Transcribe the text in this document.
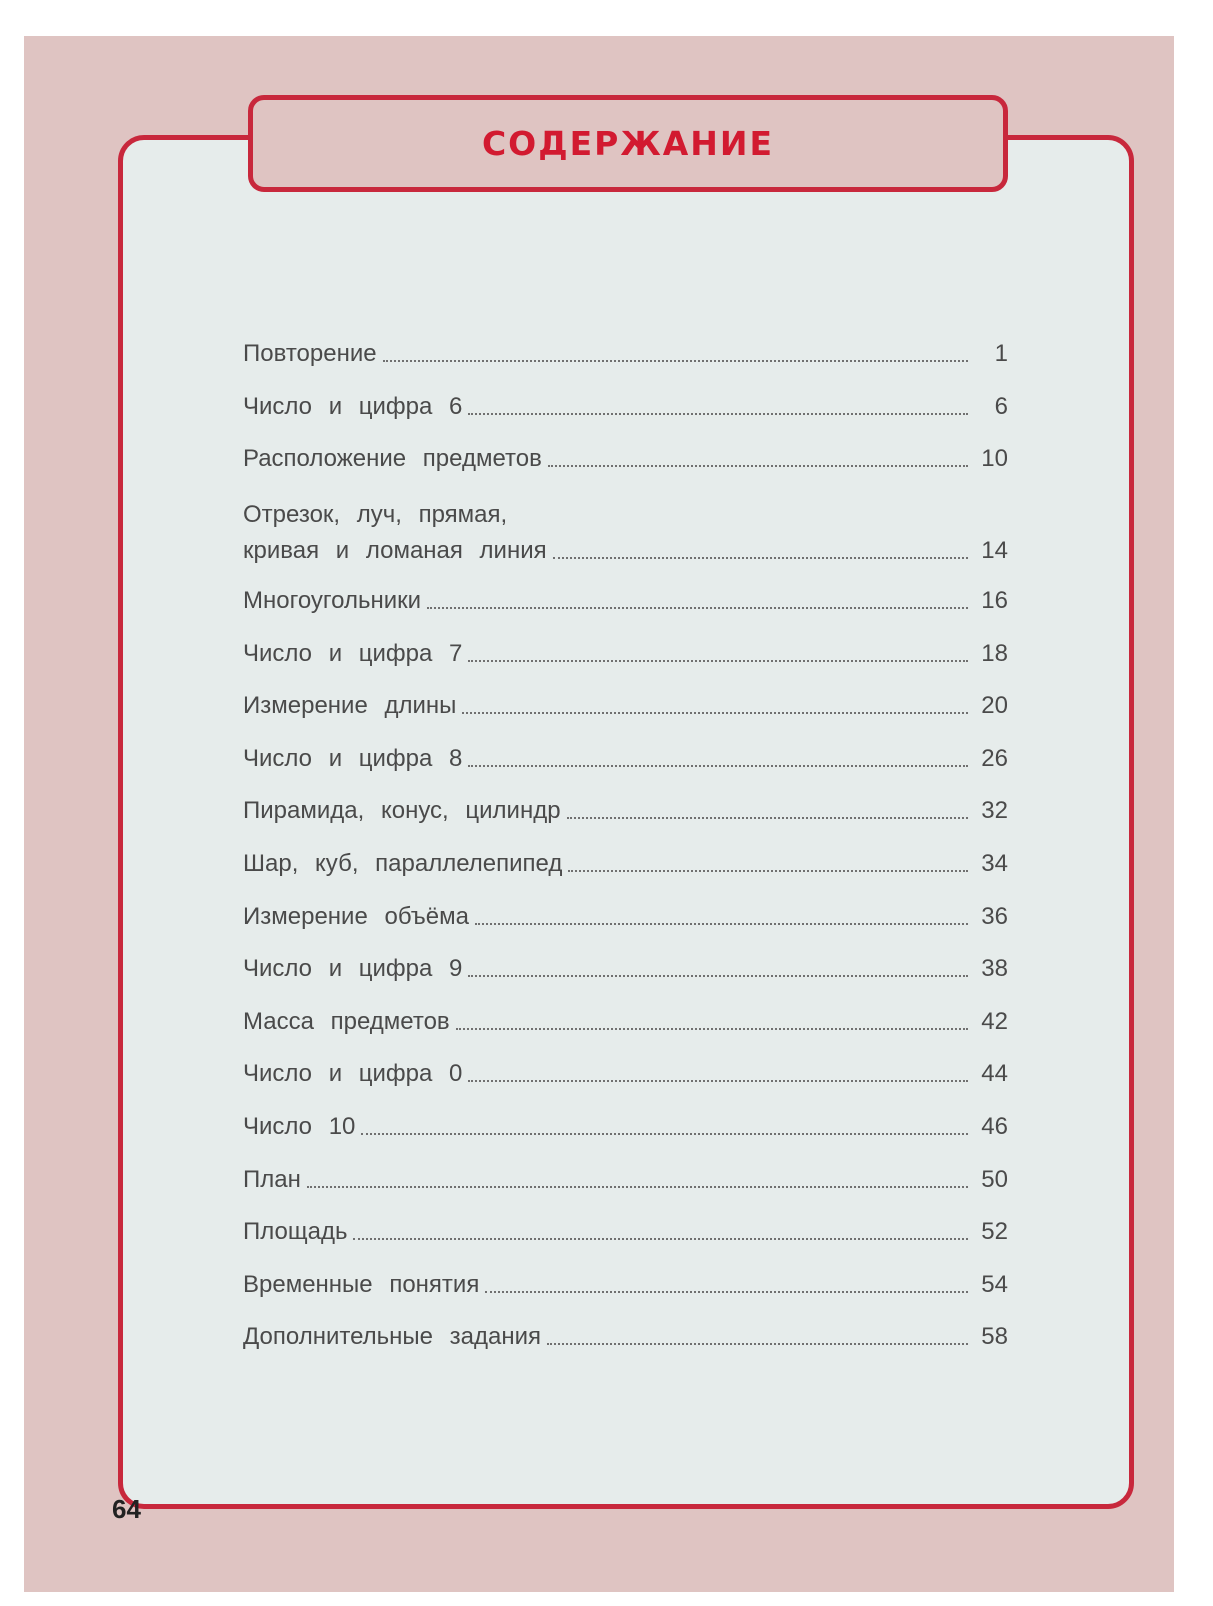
СОДЕРЖАНИЕ
Повторение	1
Число и цифра 6	6
Расположение предметов	10
Отрезок, луч, прямая,
кривая и ломаная линия	14
Многоугольники	16
Число и цифра 7	18
Измерение длины	20
Число и цифра 8	26
Пирамида, конус, цилиндр	32
Шар, куб, параллелепипед	34
Измерение объёма	36
Число и цифра 9	38
Масса предметов	42
Число и цифра 0	44
Число 10	46
План	50
Площадь	52
Временные понятия	54
Дополнительные задания	58
64
